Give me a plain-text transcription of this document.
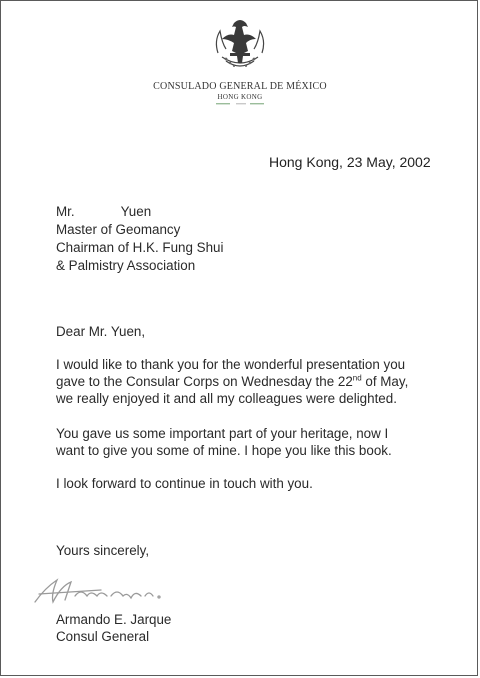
CONSULADO GENERAL DE MÉXICO
HONG KONG
Hong Kong, 23 May, 2002
Mr.	Yuen
Master of Geomancy
Chairman of H.K. Fung Shui
& Palmistry Association
Dear Mr. Yuen,
I would like to thank you for the wonderful presentation you
gave to the Consular Corps on Wednesday the 22nd of May,
we really enjoyed it and all my colleagues were delighted.
You gave us some important part of your heritage, now I
want to give you some of mine. I hope you like this book.
I look forward to continue in touch with you.
Yours sincerely,
Armando E. Jarque
Consul General
